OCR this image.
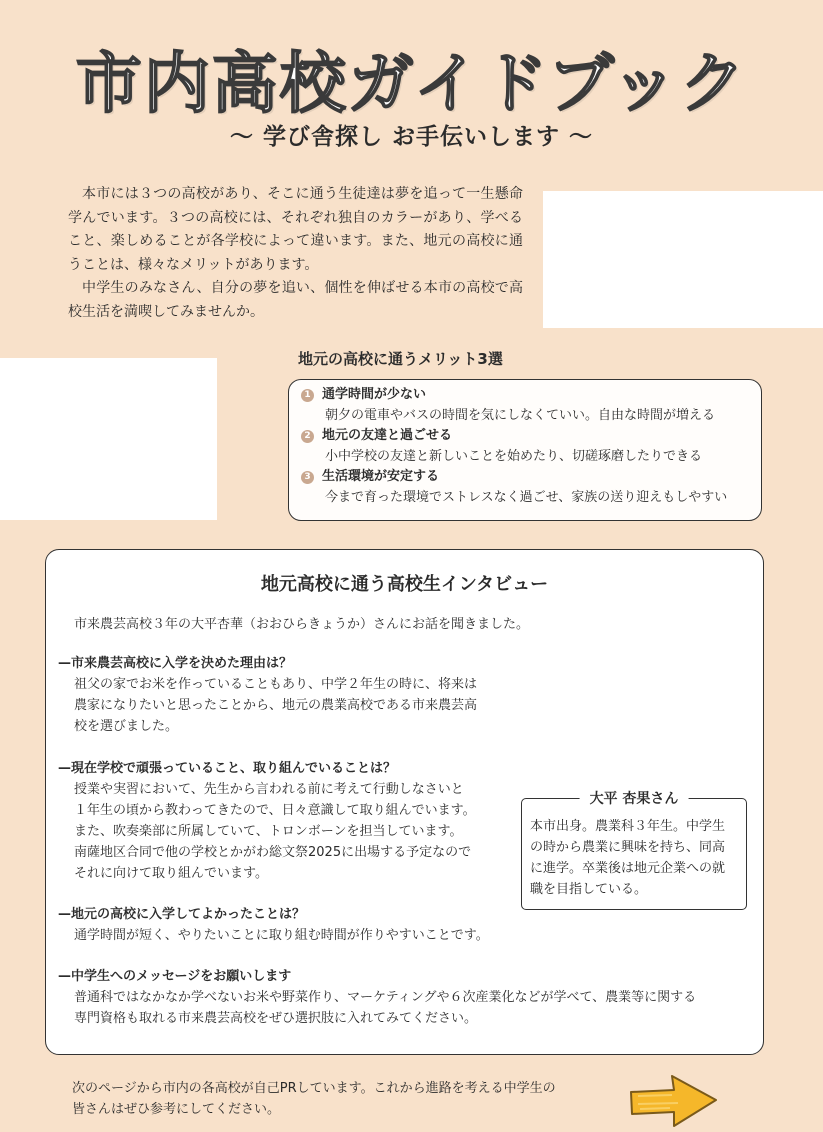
市内高校ガイドブック
〜 学び舎探し お手伝いします 〜

本市には３つの高校があり、そこに通う生徒達は夢を追って一生懸命学んでいます。３つの高校には、それぞれ独自のカラーがあり、学べること、楽しめることが各学校によって違います。また、地元の高校に通うことは、様々なメリットがあります。

中学生のみなさん、自分の夢を追い、個性を伸ばせる本市の高校で高校生活を満喫してみませんか。

地元の高校に通うメリット3選
1 通学時間が少ない
朝夕の電車やバスの時間を気にしなくていい。自由な時間が増える
2 地元の友達と過ごせる
小中学校の友達と新しいことを始めたり、切磋琢磨したりできる
3 生活環境が安定する
今まで育った環境でストレスなく過ごせ、家族の送り迎えもしやすい
地元高校に通う高校生インタビュー
市来農芸高校３年の大平杏華（おおひらきょうか）さんにお話を聞きました。
—市来農芸高校に入学を決めた理由は？
祖父の家でお米を作っていることもあり、中学２年生の時に、将来は
農家になりたいと思ったことから、地元の農業高校である市来農芸高
校を選びました。
—現在学校で頑張っていること、取り組んでいることは？
授業や実習において、先生から言われる前に考えて行動しなさいと
１年生の頃から教わってきたので、日々意識して取り組んでいます。
また、吹奏楽部に所属していて、トロンボーンを担当しています。
南薩地区合同で他の学校とかがわ総文祭2025に出場する予定なので
それに向けて取り組んでいます。
—地元の高校に入学してよかったことは？
通学時間が短く、やりたいことに取り組む時間が作りやすいことです。
—中学生へのメッセージをお願いします
普通科ではなかなか学べないお米や野菜作り、マーケティングや６次産業化などが学べて、農業等に関する
専門資格も取れる市来農芸高校をぜひ選択肢に入れてみてください。
大平 杏果さん
本市出身。農業科３年生。中学生
の時から農業に興味を持ち、同高
に進学。卒業後は地元企業への就
職を目指している。
次のページから市内の各高校が自己PRしています。これから進路を考える中学生の
皆さんはぜひ参考にしてください。
